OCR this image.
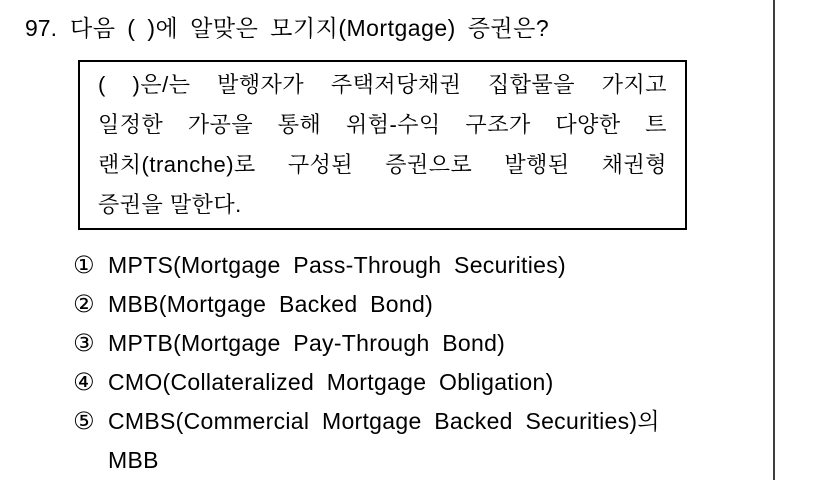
97. 다음 ( )에 알맞은 모기지(Mortgage) 증권은?
( )은/는 발행자가 주택저당채권 집합물을 가지고
일정한 가공을 통해 위험-수익 구조가 다양한 트
랜치(tranche)로 구성된 증권으로 발행된 채권형
증권을 말한다.
① MPTS(Mortgage Pass-Through Securities)
② MBB(Mortgage Backed Bond)
③ MPTB(Mortgage Pay-Through Bond)
④ CMO(Collateralized Mortgage Obligation)
⑤ CMBS(Commercial Mortgage Backed Securities)의
MBB
